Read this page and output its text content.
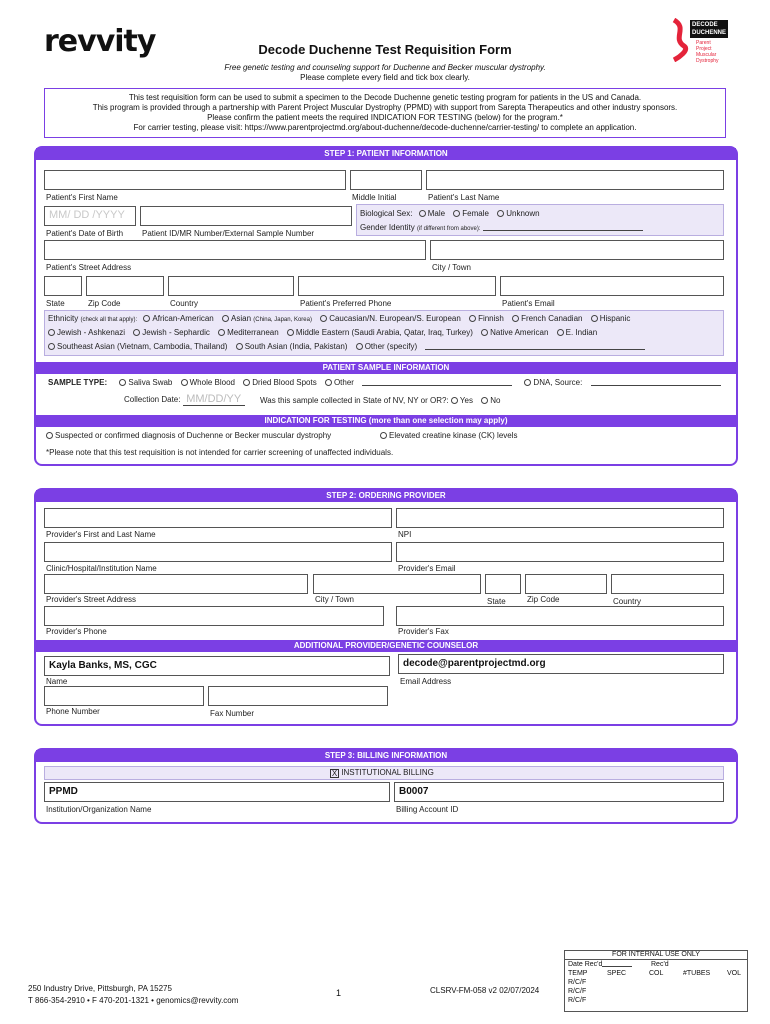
revvity	Decode Duchenne Test Requisition Form
Free genetic testing and counseling support for Duchenne and Becker muscular dystrophy.
Please complete every field and tick box clearly.
DECODE DUCHENNE
Parent
Project
Muscular
Dystrophy
This test requisition form can be used to submit a specimen to the Decode Duchenne genetic testing program for patients in the US and Canada.
This program is provided through a partnership with Parent Project Muscular Dystrophy (PPMD) with support from Sarepta Therapeutics and other industry sponsors.
Please confirm the patient meets the required INDICATION FOR TESTING (below) for the program.*
For carrier testing, please visit: https://www.parentprojectmd.org/about-duchenne/decode-duchenne/carrier-testing/ to complete an application.
STEP 1: PATIENT INFORMATION
Patient's First Name	Middle Initial	Patient's Last Name
MM/ DD /YYYY
Patient's Date of Birth Patient ID/MR Number/External Sample Number
Biological Sex: Male Female Unknown
Gender Identity (if different from above):
Patient's Street Address	City / Town
State	Zip Code	Country	Patient's Preferred Phone	Patient's Email
Ethnicity (check all that apply): African-American Asian (China, Japan, Korea) Caucasian/N. European/S. European Finnish French Canadian Hispanic
Jewish - Ashkenazi Jewish - Sephardic Mediterranean Middle Eastern (Saudi Arabia, Qatar, Iraq, Turkey) Native American E. Indian
Southeast Asian (Vietnam, Cambodia, Thailand) South Asian (India, Pakistan) Other (specify)
PATIENT SAMPLE INFORMATION
SAMPLE TYPE:	Saliva Swab Whole Blood Dried Blood Spots Other	DNA, Source:
Collection Date: MM/DD/YY	Was this sample collected in State of NV, NY or OR?: Yes No
INDICATION FOR TESTING (more than one selection may apply)
Suspected or confirmed diagnosis of Duchenne or Becker muscular dystrophy	Elevated creatine kinase (CK) levels
*Please note that this test requisition is not intended for carrier screening of unaffected individuals.
STEP 2: ORDERING PROVIDER
Provider's First and Last Name	NPI
Clinic/Hospital/Institution Name	Provider's Email
Provider's Street Address	City / Town	State	Zip Code	Country
Provider's Phone	Provider's Fax
ADDITIONAL PROVIDER/GENETIC COUNSELOR
Kayla Banks, MS, CGC
Name
decode@parentprojectmd.org
Email Address
Phone Number	Fax Number
STEP 3: BILLING INFORMATION
X INSTITUTIONAL BILLING
PPMD
Institution/Organization Name
B0007
Billing Account ID
250 Industry Drive, Pittsburgh, PA 15275
T 866-354-2910 • F 470-201-1321 • genomics@revvity.com
1	CLSRV-FM-058 v2 02/07/2024
FOR INTERNAL USE ONLY
Date Rec'd	Rec'd
TEMP	SPEC	COL	#TUBES VOL
R/C/F
R/C/F
R/C/F
